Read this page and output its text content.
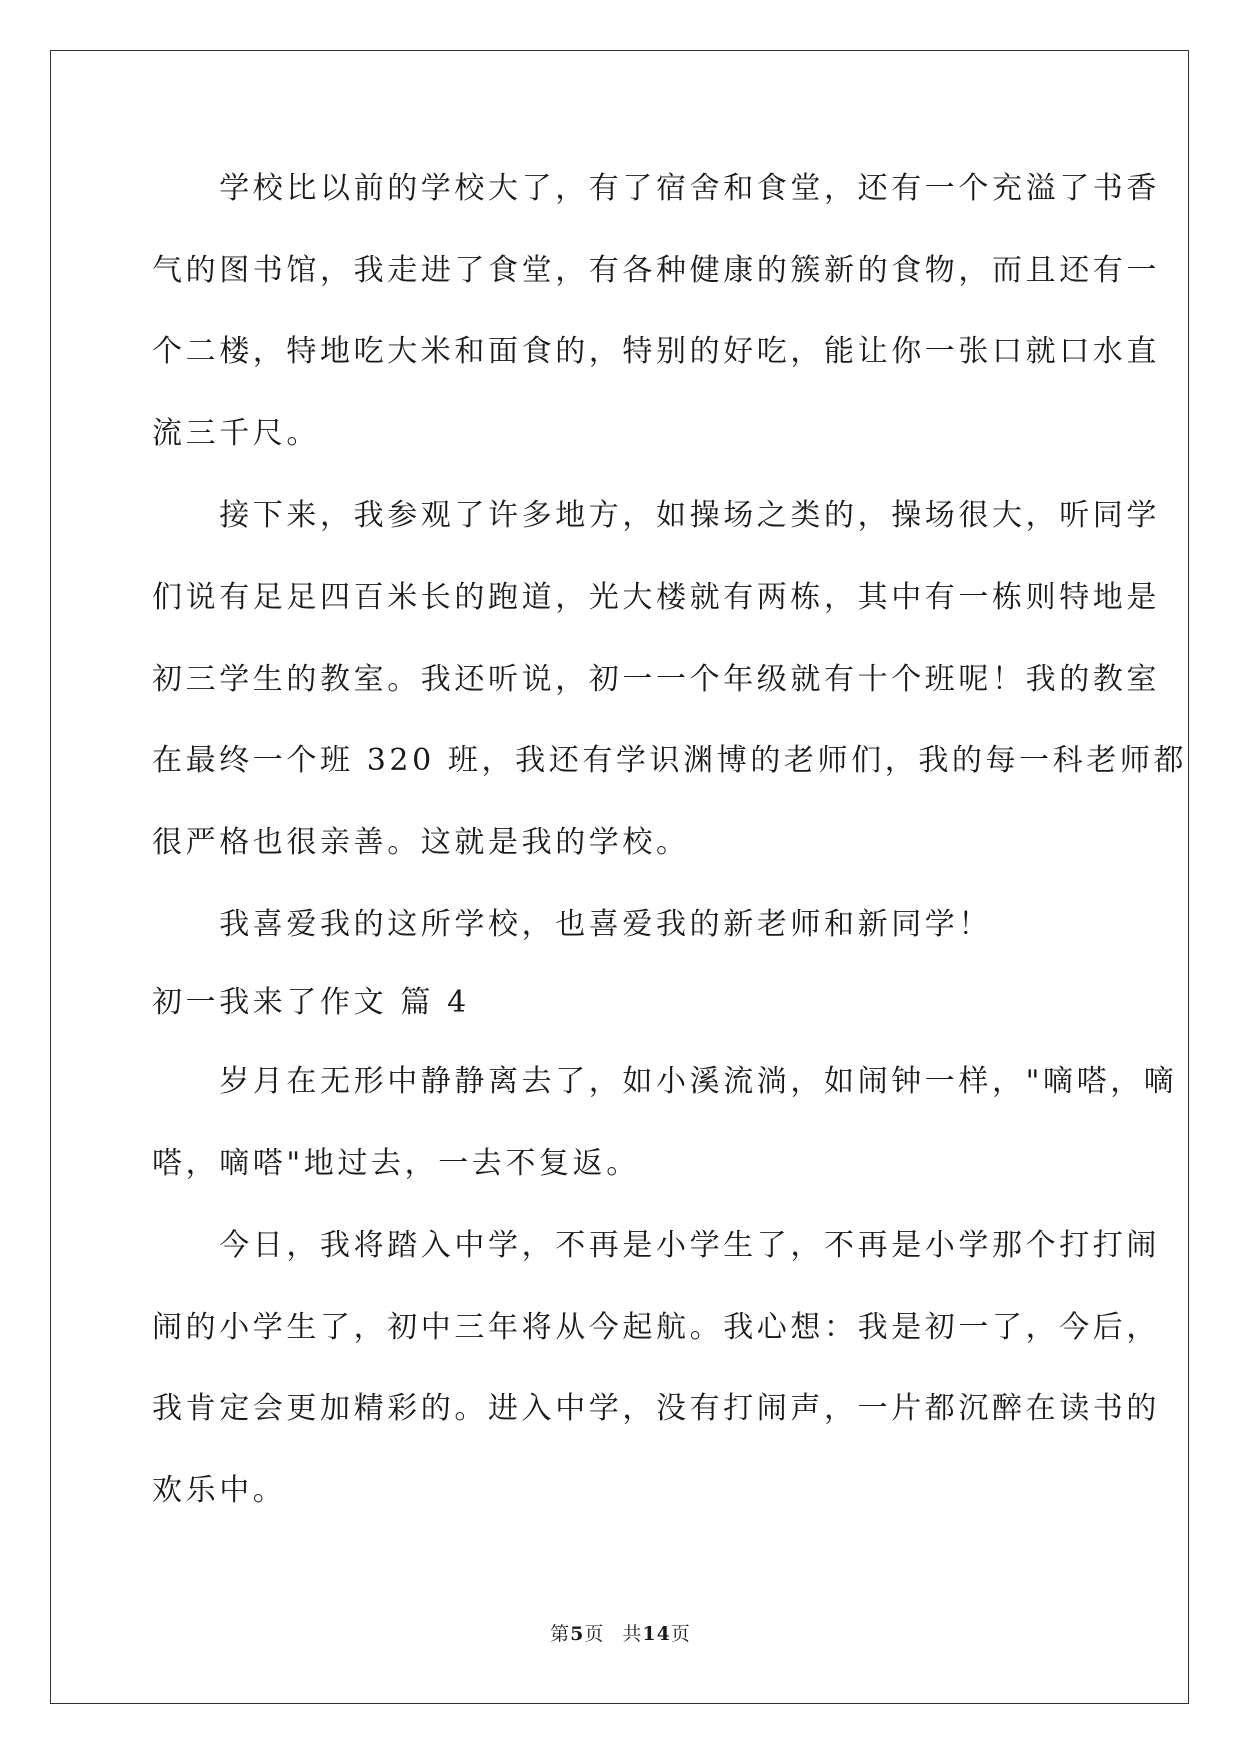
　　学校比以前的学校大了，有了宿舍和食堂，还有一个充溢了书香
气的图书馆，我走进了食堂，有各种健康的簇新的食物，而且还有一
个二楼，特地吃大米和面食的，特别的好吃，能让你一张口就口水直
流三千尺。
　　接下来，我参观了许多地方，如操场之类的，操场很大，听同学
们说有足足四百米长的跑道，光大楼就有两栋，其中有一栋则特地是
初三学生的教室。我还听说，初一一个年级就有十个班呢！我的教室
在最终一个班 320 班，我还有学识渊博的老师们，我的每一科老师都
很严格也很亲善。这就是我的学校。
　　我喜爱我的这所学校，也喜爱我的新老师和新同学！
初一我来了作文 篇 4
　　岁月在无形中静静离去了，如小溪流淌，如闹钟一样，"嘀嗒，嘀
嗒，嘀嗒"地过去，一去不复返。
　　今日，我将踏入中学，不再是小学生了，不再是小学那个打打闹
闹的小学生了，初中三年将从今起航。我心想：我是初一了，今后，
我肯定会更加精彩的。进入中学，没有打闹声，一片都沉醉在读书的
欢乐中。
第5页 共14页
